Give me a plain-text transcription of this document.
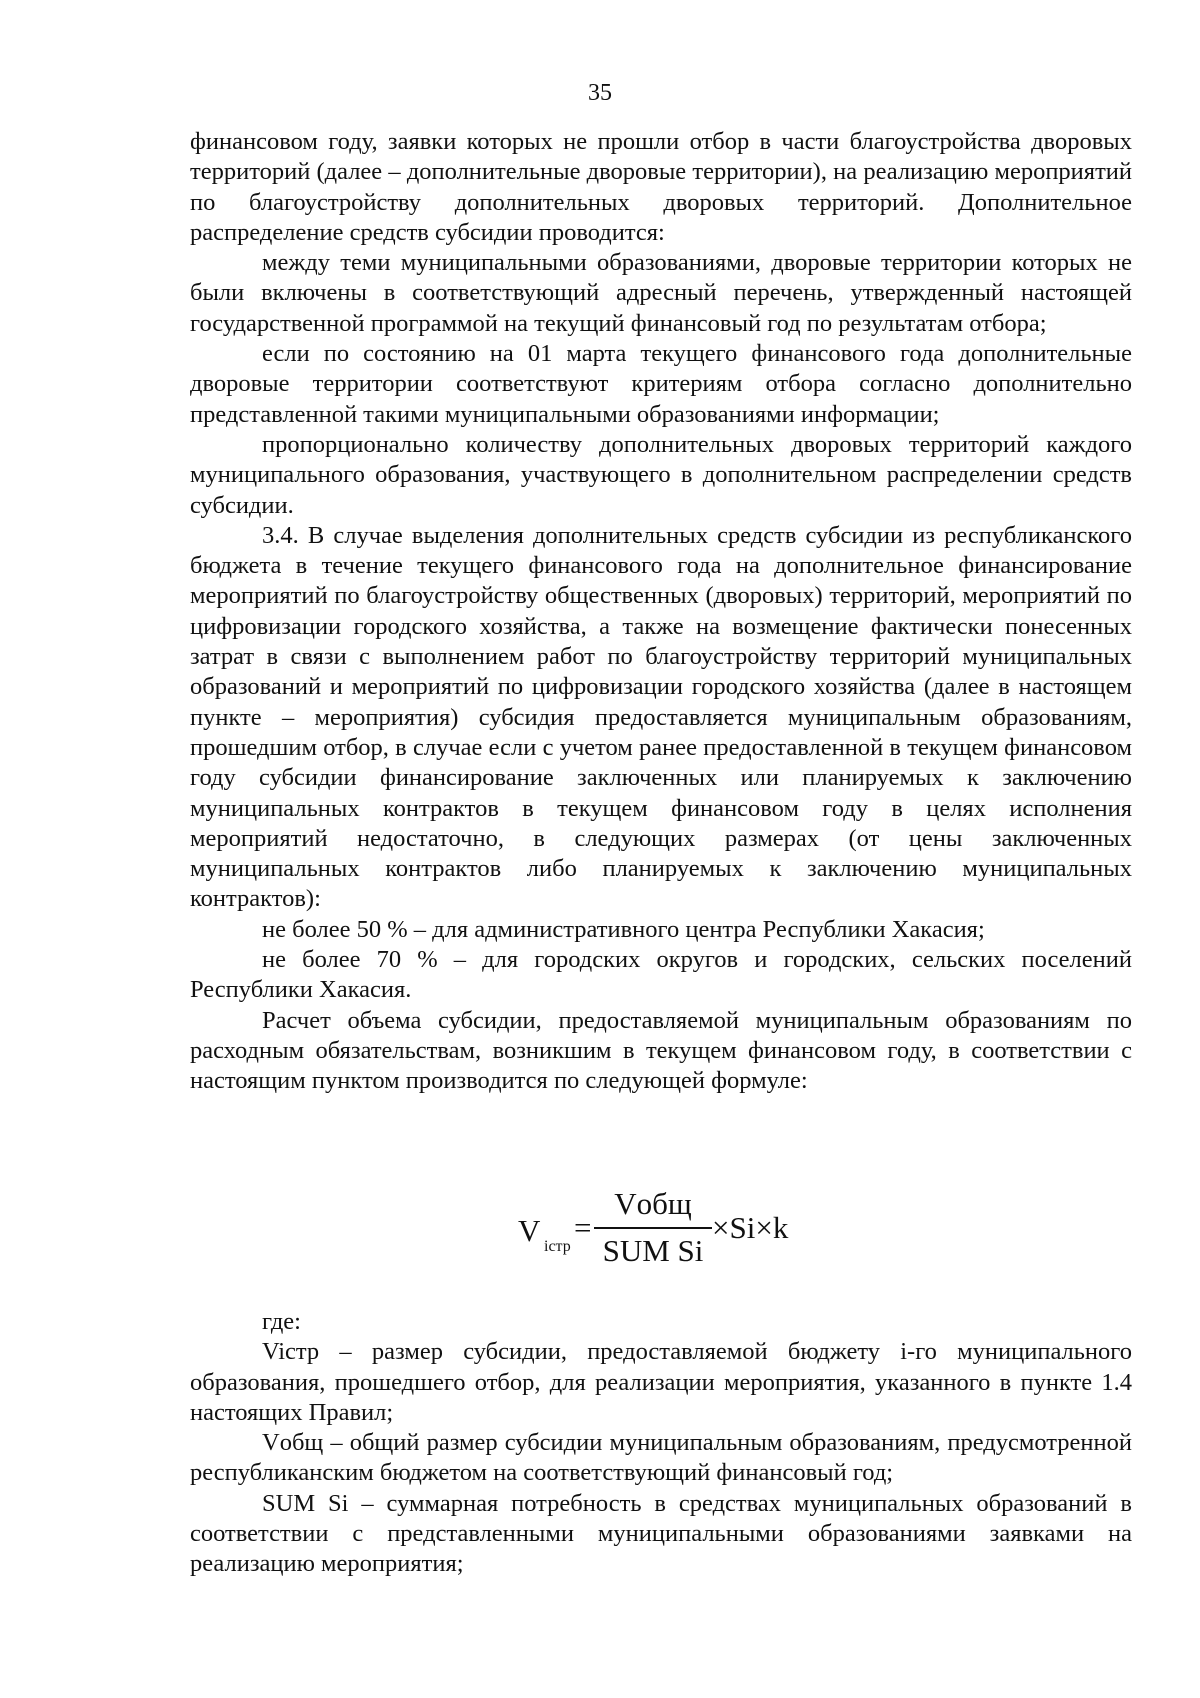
35

финансовом году, заявки которых не прошли отбор в части благоустройства дворовых территорий (далее – дополнительные дворовые территории), на реализацию мероприятий по благоустройству дополнительных дворовых территорий. Дополнительное распределение средств субсидии проводится:

между теми муниципальными образованиями, дворовые территории которых не были включены в соответствующий адресный перечень, утвержденный настоящей государственной программой на текущий финансовый год по результатам отбора;

если по состоянию на 01 марта текущего финансового года дополнительные дворовые территории соответствуют критериям отбора согласно дополнительно представленной такими муниципальными образованиями информации;

пропорционально количеству дополнительных дворовых территорий каждого муниципального образования, участвующего в дополнительном распределении средств субсидии.

3.4. В случае выделения дополнительных средств субсидии из республиканского бюджета в течение текущего финансового года на дополнительное финансирование мероприятий по благоустройству общественных (дворовых) территорий, мероприятий по цифровизации городского хозяйства, а также на возмещение фактически понесенных затрат в связи с выполнением работ по благоустройству территорий муниципальных образований и мероприятий по цифровизации городского хозяйства (далее в настоящем пункте – мероприятия) субсидия предоставляется муниципальным образованиям, прошедшим отбор, в случае если с учетом ранее предоставленной в текущем финансовом году субсидии финансирование заключенных или планируемых к заключению муниципальных контрактов в текущем финансовом году в целях исполнения мероприятий недостаточно, в следующих размерах (от цены заключенных муниципальных контрактов либо планируемых к заключению муниципальных контрактов):

не более 50 % – для административного центра Республики Хакасия;

не более 70 % – для городских округов и городских, сельских поселений Республики Хакасия.

Расчет объема субсидии, предоставляемой муниципальным образованиям по расходным обязательствам, возникшим в текущем финансовом году, в соответствии с настоящим пунктом производится по следующей формуле:

V iстр
=
Vобщ
SUM Si
×Si×k

где:

Viстр – размер субсидии, предоставляемой бюджету i-го муниципального образования, прошедшего отбор, для реализации мероприятия, указанного в пункте 1.4 настоящих Правил;

Vобщ – общий размер субсидии муниципальным образованиям, предусмотренной республиканским бюджетом на соответствующий финансовый год;

SUM Si – суммарная потребность в средствах муниципальных образований в соответствии с представленными муниципальными образованиями заявками на реализацию мероприятия;
